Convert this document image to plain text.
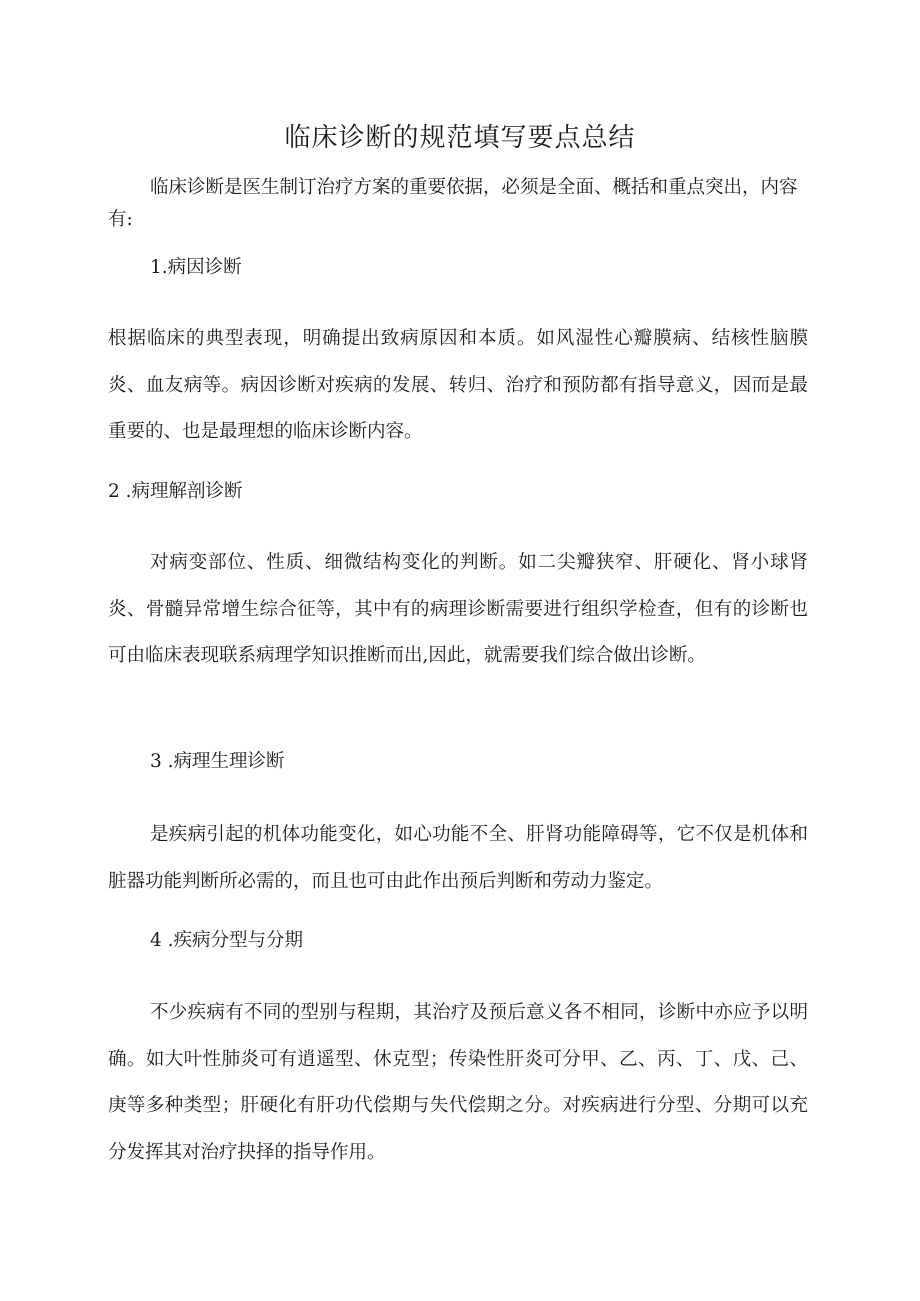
临床诊断的规范填写要点总结

临床诊断是医生制订治疗方案的重要依据，必须是全面、概括和重点突出，内容有:

1.病因诊断

根据临床的典型表现，明确提出致病原因和本质。如风湿性心瓣膜病、结核性脑膜炎、血友病等。病因诊断对疾病的发展、转归、治疗和预防都有指导意义，因而是最重要的、也是最理想的临床诊断内容。

2 .病理解剖诊断

对病变部位、性质、细微结构变化的判断。如二尖瓣狭窄、肝硬化、肾小球肾炎、骨髓异常增生综合征等，其中有的病理诊断需要进行组织学检查，但有的诊断也可由临床表现联系病理学知识推断而出,因此，就需要我们综合做出诊断。

3 .病理生理诊断

是疾病引起的机体功能变化，如心功能不全、肝肾功能障碍等，它不仅是机体和脏器功能判断所必需的，而且也可由此作出预后判断和劳动力鉴定。

4 .疾病分型与分期

不少疾病有不同的型别与程期，其治疗及预后意义各不相同，诊断中亦应予以明确。如大叶性肺炎可有逍遥型、休克型；传染性肝炎可分甲、乙、丙、丁、戊、己、庚等多种类型；肝硬化有肝功代偿期与失代偿期之分。对疾病进行分型、分期可以充分发挥其对治疗抉择的指导作用。
